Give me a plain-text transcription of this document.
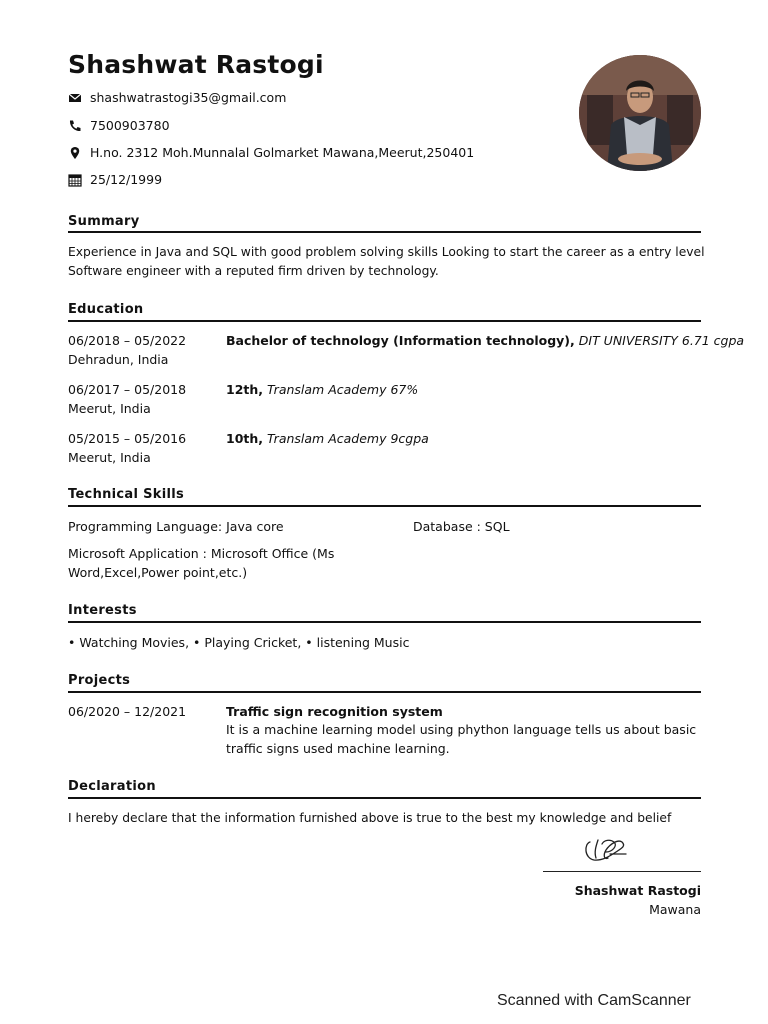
Shashwat Rastogi
shashwatrastogi35@gmail.com
7500903780
H.no. 2312 Moh.Munnalal Golmarket Mawana,Meerut,250401
25/12/1999
Summary
Experience in Java and SQL with good problem solving skills Looking to start the career as a entry level
Software engineer with a reputed firm driven by technology.
Education
06/2018 – 05/2022
Dehradun, India
Bachelor of technology (Information technology), DIT UNIVERSITY 6.71 cgpa
06/2017 – 05/2018
Meerut, India
12th, Translam Academy 67%
05/2015 – 05/2016
Meerut, India
10th, Translam Academy 9cgpa
Technical Skills
Programming Language: Java core	Database : SQL
Microsoft Application : Microsoft Office (Ms
Word,Excel,Power point,etc.)
Interests
• Watching Movies, • Playing Cricket, • listening Music
Projects
06/2020 – 12/2021	Traffic sign recognition system
It is a machine learning model using phython language tells us about basic
traffic signs used machine learning.
Declaration
I hereby declare that the information furnished above is true to the best my knowledge and belief
Shashwat Rastogi
Mawana
Scanned with CamScanner
